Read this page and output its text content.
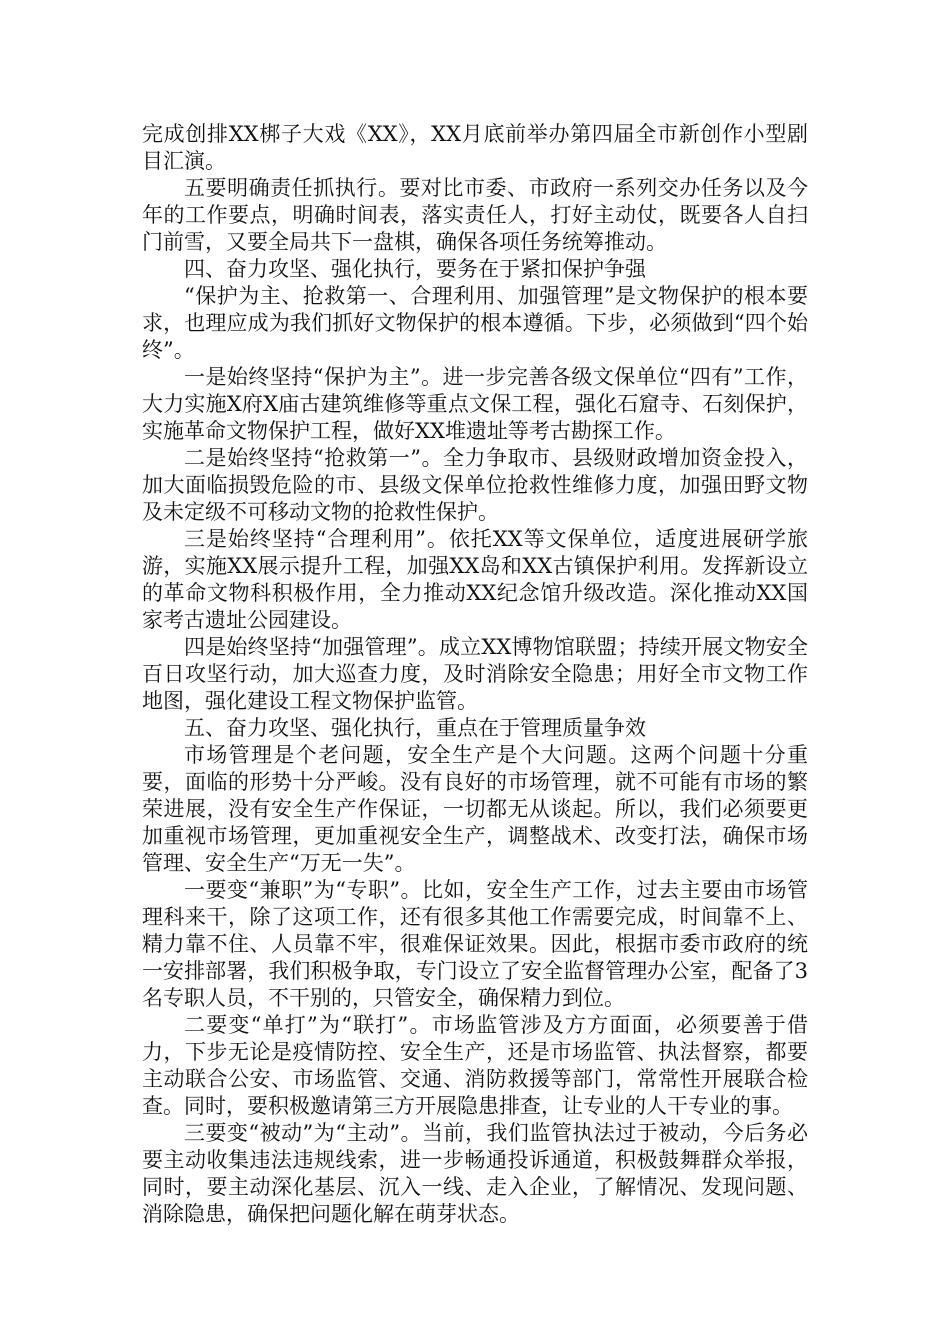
完成创排XX梆子大戏《XX》，XX月底前举办第四届全市新创作小型剧目汇演。

五要明确责任抓执行。要对比市委、市政府一系列交办任务以及今年的工作要点，明确时间表，落实责任人，打好主动仗，既要各人自扫门前雪，又要全局共下一盘棋，确保各项任务统筹推动。

四、奋力攻坚、强化执行，要务在于紧扣保护争强

“保护为主、抢救第一、合理利用、加强管理”是文物保护的根本要求，也理应成为我们抓好文物保护的根本遵循。下步，必须做到“四个始终”。

一是始终坚持“保护为主”。进一步完善各级文保单位“四有”工作，大力实施X府X庙古建筑维修等重点文保工程，强化石窟寺、石刻保护，实施革命文物保护工程，做好XX堆遗址等考古勘探工作。

二是始终坚持“抢救第一”。全力争取市、县级财政增加资金投入，加大面临损毁危险的市、县级文保单位抢救性维修力度，加强田野文物及未定级不可移动文物的抢救性保护。

三是始终坚持“合理利用”。依托XX等文保单位，适度进展研学旅游，实施XX展示提升工程，加强XX岛和XX古镇保护利用。发挥新设立的革命文物科积极作用，全力推动XX纪念馆升级改造。深化推动XX国家考古遗址公园建设。

四是始终坚持“加强管理”。成立XX博物馆联盟；持续开展文物安全百日攻坚行动，加大巡查力度，及时消除安全隐患；用好全市文物工作地图，强化建设工程文物保护监管。

五、奋力攻坚、强化执行，重点在于管理质量争效

市场管理是个老问题，安全生产是个大问题。这两个问题十分重要，面临的形势十分严峻。没有良好的市场管理，就不可能有市场的繁荣进展，没有安全生产作保证，一切都无从谈起。所以，我们必须要更加重视市场管理，更加重视安全生产，调整战术、改变打法，确保市场管理、安全生产“万无一失”。

一要变“兼职”为“专职”。比如，安全生产工作，过去主要由市场管理科来干，除了这项工作，还有很多其他工作需要完成，时间靠不上、精力靠不住、人员靠不牢，很难保证效果。因此，根据市委市政府的统一安排部署，我们积极争取，专门设立了安全监督管理办公室，配备了3名专职人员，不干别的，只管安全，确保精力到位。

二要变“单打”为“联打”。市场监管涉及方方面面，必须要善于借力，下步无论是疫情防控、安全生产，还是市场监管、执法督察，都要主动联合公安、市场监管、交通、消防救援等部门，常常性开展联合检查。同时，要积极邀请第三方开展隐患排查，让专业的人干专业的事。

三要变“被动”为“主动”。当前，我们监管执法过于被动，今后务必要主动收集违法违规线索，进一步畅通投诉通道，积极鼓舞群众举报，同时，要主动深化基层、沉入一线、走入企业，了解情况、发现问题、消除隐患，确保把问题化解在萌芽状态。
